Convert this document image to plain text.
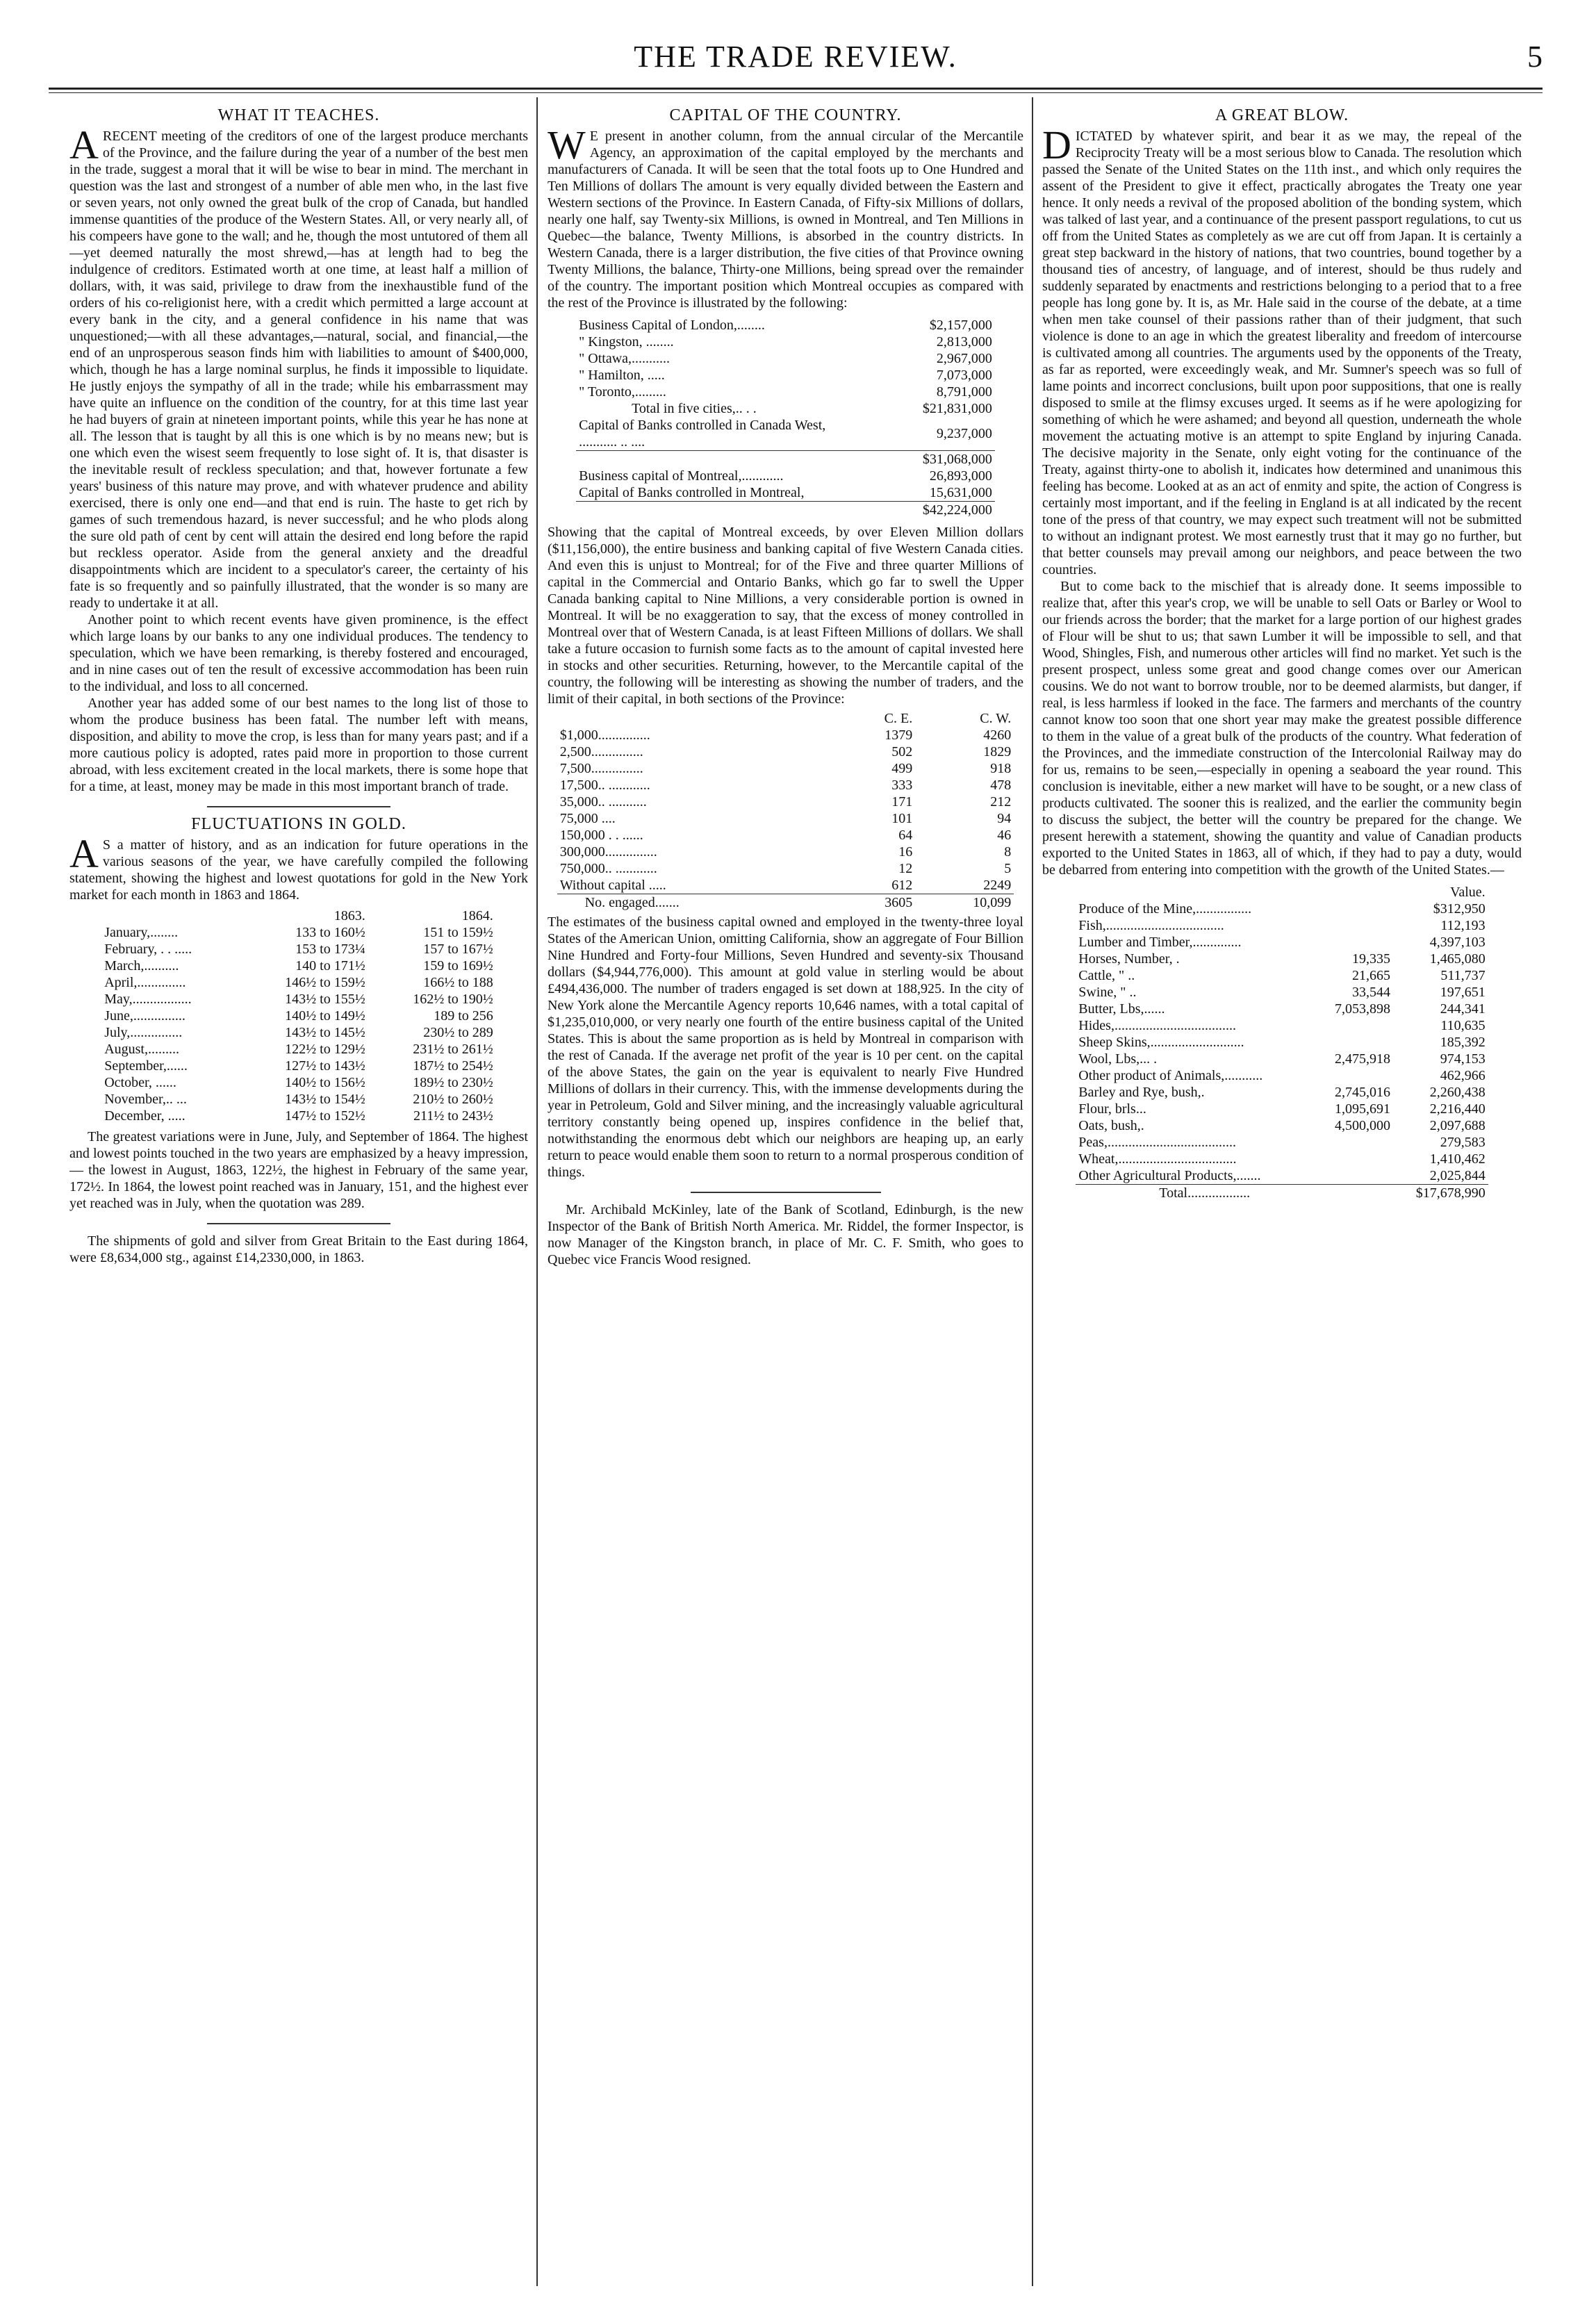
THE TRADE REVIEW.	5
WHAT IT TEACHES.

ARECENT meeting of the creditors of one of the largest produce merchants of the Province, and the failure during the year of a number of the best men in the trade, suggest a moral that it will be wise to bear in mind. The merchant in question was the last and strongest of a number of able men who, in the last five or seven years, not only owned the great bulk of the crop of Canada, but handled immense quantities of the produce of the Western States. All, or very nearly all, of his compeers have gone to the wall; and he, though the most untutored of them all—yet deemed naturally the most shrewd,—has at length had to beg the indulgence of creditors. Estimated worth at one time, at least half a million of dollars, with, it was said, privilege to draw from the inexhaustible fund of the orders of his co-religionist here, with a credit which permitted a large account at every bank in the city, and a general confidence in his name that was unquestioned;—with all these advantages,—natural, social, and financial,—the end of an unprosperous season finds him with liabilities to amount of $400,000, which, though he has a large nominal surplus, he finds it impossible to liquidate. He justly enjoys the sympathy of all in the trade; while his embarrassment may have quite an influence on the condition of the country, for at this time last year he had buyers of grain at nineteen important points, while this year he has none at all. The lesson that is taught by all this is one which is by no means new; but is one which even the wisest seem frequently to lose sight of. It is, that disaster is the inevitable result of reckless speculation; and that, however fortunate a few years' business of this nature may prove, and with whatever prudence and ability exercised, there is only one end—and that end is ruin. The haste to get rich by games of such tremendous hazard, is never successful; and he who plods along the sure old path of cent by cent will attain the desired end long before the rapid but reckless operator. Aside from the general anxiety and the dreadful disappointments which are incident to a speculator's career, the certainty of his fate is so frequently and so painfully illustrated, that the wonder is so many are ready to undertake it at all.

Another point to which recent events have given prominence, is the effect which large loans by our banks to any one individual produces. The tendency to speculation, which we have been remarking, is thereby fostered and encouraged, and in nine cases out of ten the result of excessive accommodation has been ruin to the individual, and loss to all concerned.

Another year has added some of our best names to the long list of those to whom the produce business has been fatal. The number left with means, disposition, and ability to move the crop, is less than for many years past; and if a more cautious policy is adopted, rates paid more in proportion to those current abroad, with less excitement created in the local markets, there is some hope that for a time, at least, money may be made in this most important branch of trade.

FLUCTUATIONS IN GOLD.

AS a matter of history, and as an indication for future operations in the various seasons of the year, we have carefully compiled the following statement, showing the highest and lowest quotations for gold in the New York market for each month in 1863 and 1864.

	1863.	1864.
January,........	133 to 160½	151 to 159½
February, . . .....	153 to 173¼	157 to 167½
March,..........	140 to 171½	159 to 169½
April,..............	146½ to 159½	166½ to 188
May,.................	143½ to 155½	162½ to 190½
June,...............	140½ to 149½	189 to 256
July,...............	143½ to 145½	230½ to 289
August,.........	122½ to 129½	231½ to 261½
September,......	127½ to 143½	187½ to 254½
October, ......	140½ to 156½	189½ to 230½
November,.. ...	143½ to 154½	210½ to 260½
December, .....	147½ to 152½	211½ to 243½

The greatest variations were in June, July, and September of 1864. The highest and lowest points touched in the two years are emphasized by a heavy impression, — the lowest in August, 1863, 122½, the highest in February of the same year, 172½. In 1864, the lowest point reached was in January, 151, and the highest ever yet reached was in July, when the quotation was 289.

The shipments of gold and silver from Great Britain to the East during 1864, were £8,634,000 stg., against £14,2330,000, in 1863.

CAPITAL OF THE COUNTRY.

WE present in another column, from the annual circular of the Mercantile Agency, an approximation of the capital employed by the merchants and manufacturers of Canada. It will be seen that the total foots up to One Hundred and Ten Millions of dollars The amount is very equally divided between the Eastern and Western sections of the Province. In Eastern Canada, of Fifty-six Millions of dollars, nearly one half, say Twenty-six Millions, is owned in Montreal, and Ten Millions in Quebec—the balance, Twenty Millions, is absorbed in the country districts. In Western Canada, there is a larger distribution, the five cities of that Province owning Twenty Millions, the balance, Thirty-one Millions, being spread over the remainder of the country. The important position which Montreal occupies as compared with the rest of the Province is illustrated by the following:

Business Capital of London,........	$2,157,000
" Kingston, ........	2,813,000
" Ottawa,...........	2,967,000
" Hamilton, .....	7,073,000
" Toronto,.........	8,791,000
Total in five cities,.. . .	$21,831,000
Capital of Banks controlled in Canada West, ........... .. ....	9,237,000
	$31,068,000
Business capital of Montreal,............	26,893,000
Capital of Banks controlled in Montreal,	15,631,000
	$42,224,000

Showing that the capital of Montreal exceeds, by over Eleven Million dollars ($11,156,000), the entire business and banking capital of five Western Canada cities. And even this is unjust to Montreal; for of the Five and three quarter Millions of capital in the Commercial and Ontario Banks, which go far to swell the Upper Canada banking capital to Nine Millions, a very considerable portion is owned in Montreal. It will be no exaggeration to say, that the excess of money controlled in Montreal over that of Western Canada, is at least Fifteen Millions of dollars. We shall take a future occasion to furnish some facts as to the amount of capital invested here in stocks and other securities. Returning, however, to the Mercantile capital of the country, the following will be interesting as showing the number of traders, and the limit of their capital, in both sections of the Province:

	C. E.	C. W.
$1,000...............	1379	4260
2,500...............	502	1829
7,500...............	499	918
17,500.. ............	333	478
35,000.. ...........	171	212
75,000 ....	101	94
150,000 . . ......	64	46
300,000...............	16	8
750,000.. ............	12	5
Without capital .....	612	2249
No. engaged.......	3605	10,099

The estimates of the business capital owned and employed in the twenty-three loyal States of the American Union, omitting California, show an aggregate of Four Billion Nine Hundred and Forty-four Millions, Seven Hundred and seventy-six Thousand dollars ($4,944,776,000). This amount at gold value in sterling would be about £494,436,000. The number of traders engaged is set down at 188,925. In the city of New York alone the Mercantile Agency reports 10,646 names, with a total capital of $1,235,010,000, or very nearly one fourth of the entire business capital of the United States. This is about the same proportion as is held by Montreal in comparison with the rest of Canada. If the average net profit of the year is 10 per cent. on the capital of the above States, the gain on the year is equivalent to nearly Five Hundred Millions of dollars in their currency. This, with the immense developments during the year in Petroleum, Gold and Silver mining, and the increasingly valuable agricultural territory constantly being opened up, inspires confidence in the belief that, notwithstanding the enormous debt which our neighbors are heaping up, an early return to peace would enable them soon to return to a normal prosperous condition of things.

Mr. Archibald McKinley, late of the Bank of Scotland, Edinburgh, is the new Inspector of the Bank of British North America. Mr. Riddel, the former Inspector, is now Manager of the Kingston branch, in place of Mr. C. F. Smith, who goes to Quebec vice Francis Wood resigned.

A GREAT BLOW.

DICTATED by whatever spirit, and bear it as we may, the repeal of the Reciprocity Treaty will be a most serious blow to Canada. The resolution which passed the Senate of the United States on the 11th inst., and which only requires the assent of the President to give it effect, practically abrogates the Treaty one year hence. It only needs a revival of the proposed abolition of the bonding system, which was talked of last year, and a continuance of the present passport regulations, to cut us off from the United States as completely as we are cut off from Japan. It is certainly a great step backward in the history of nations, that two countries, bound together by a thousand ties of ancestry, of language, and of interest, should be thus rudely and suddenly separated by enactments and restrictions belonging to a period that to a free people has long gone by. It is, as Mr. Hale said in the course of the debate, at a time when men take counsel of their passions rather than of their judgment, that such violence is done to an age in which the greatest liberality and freedom of intercourse is cultivated among all countries. The arguments used by the opponents of the Treaty, as far as reported, were exceedingly weak, and Mr. Sumner's speech was so full of lame points and incorrect conclusions, built upon poor suppositions, that one is really disposed to smile at the flimsy excuses urged. It seems as if he were apologizing for something of which he were ashamed; and beyond all question, underneath the whole movement the actuating motive is an attempt to spite England by injuring Canada. The decisive majority in the Senate, only eight voting for the continuance of the Treaty, against thirty-one to abolish it, indicates how determined and unanimous this feeling has become. Looked at as an act of enmity and spite, the action of Congress is certainly most important, and if the feeling in England is at all indicated by the recent tone of the press of that country, we may expect such treatment will not be submitted to without an indignant protest. We most earnestly trust that it may go no further, but that better counsels may prevail among our neighbors, and peace between the two countries.

But to come back to the mischief that is already done. It seems impossible to realize that, after this year's crop, we will be unable to sell Oats or Barley or Wool to our friends across the border; that the market for a large portion of our highest grades of Flour will be shut to us; that sawn Lumber it will be impossible to sell, and that Wood, Shingles, Fish, and numerous other articles will find no market. Yet such is the present prospect, unless some great and good change comes over our American cousins. We do not want to borrow trouble, nor to be deemed alarmists, but danger, if real, is less harmless if looked in the face. The farmers and merchants of the country cannot know too soon that one short year may make the greatest possible difference to them in the value of a great bulk of the products of the country. What federation of the Provinces, and the immediate construction of the Intercolonial Railway may do for us, remains to be seen,—especially in opening a seaboard the year round. This conclusion is inevitable, either a new market will have to be sought, or a new class of products cultivated. The sooner this is realized, and the earlier the community begin to discuss the subject, the better will the country be prepared for the change. We present herewith a statement, showing the quantity and value of Canadian products exported to the United States in 1863, all of which, if they had to pay a duty, would be debarred from entering into competition with the growth of the United States.—

		Value.
Produce of the Mine,................		$312,950
Fish,..................................		112,193
Lumber and Timber,..............		4,397,103
Horses, Number, .	19,335	1,465,080
Cattle, " ..	21,665	511,737
Swine, " ..	33,544	197,651
Butter, Lbs,......	7,053,898	244,341
Hides,...................................		110,635
Sheep Skins,...........................		185,392
Wool, Lbs,... .	2,475,918	974,153
Other product of Animals,...........		462,966
Barley and Rye, bush,.	2,745,016	2,260,438
Flour, brls...	1,095,691	2,216,440
Oats, bush,.	4,500,000	2,097,688
Peas,.....................................		279,583
Wheat,..................................		1,410,462
Other Agricultural Products,.......		2,025,844
Total..................		$17,678,990
